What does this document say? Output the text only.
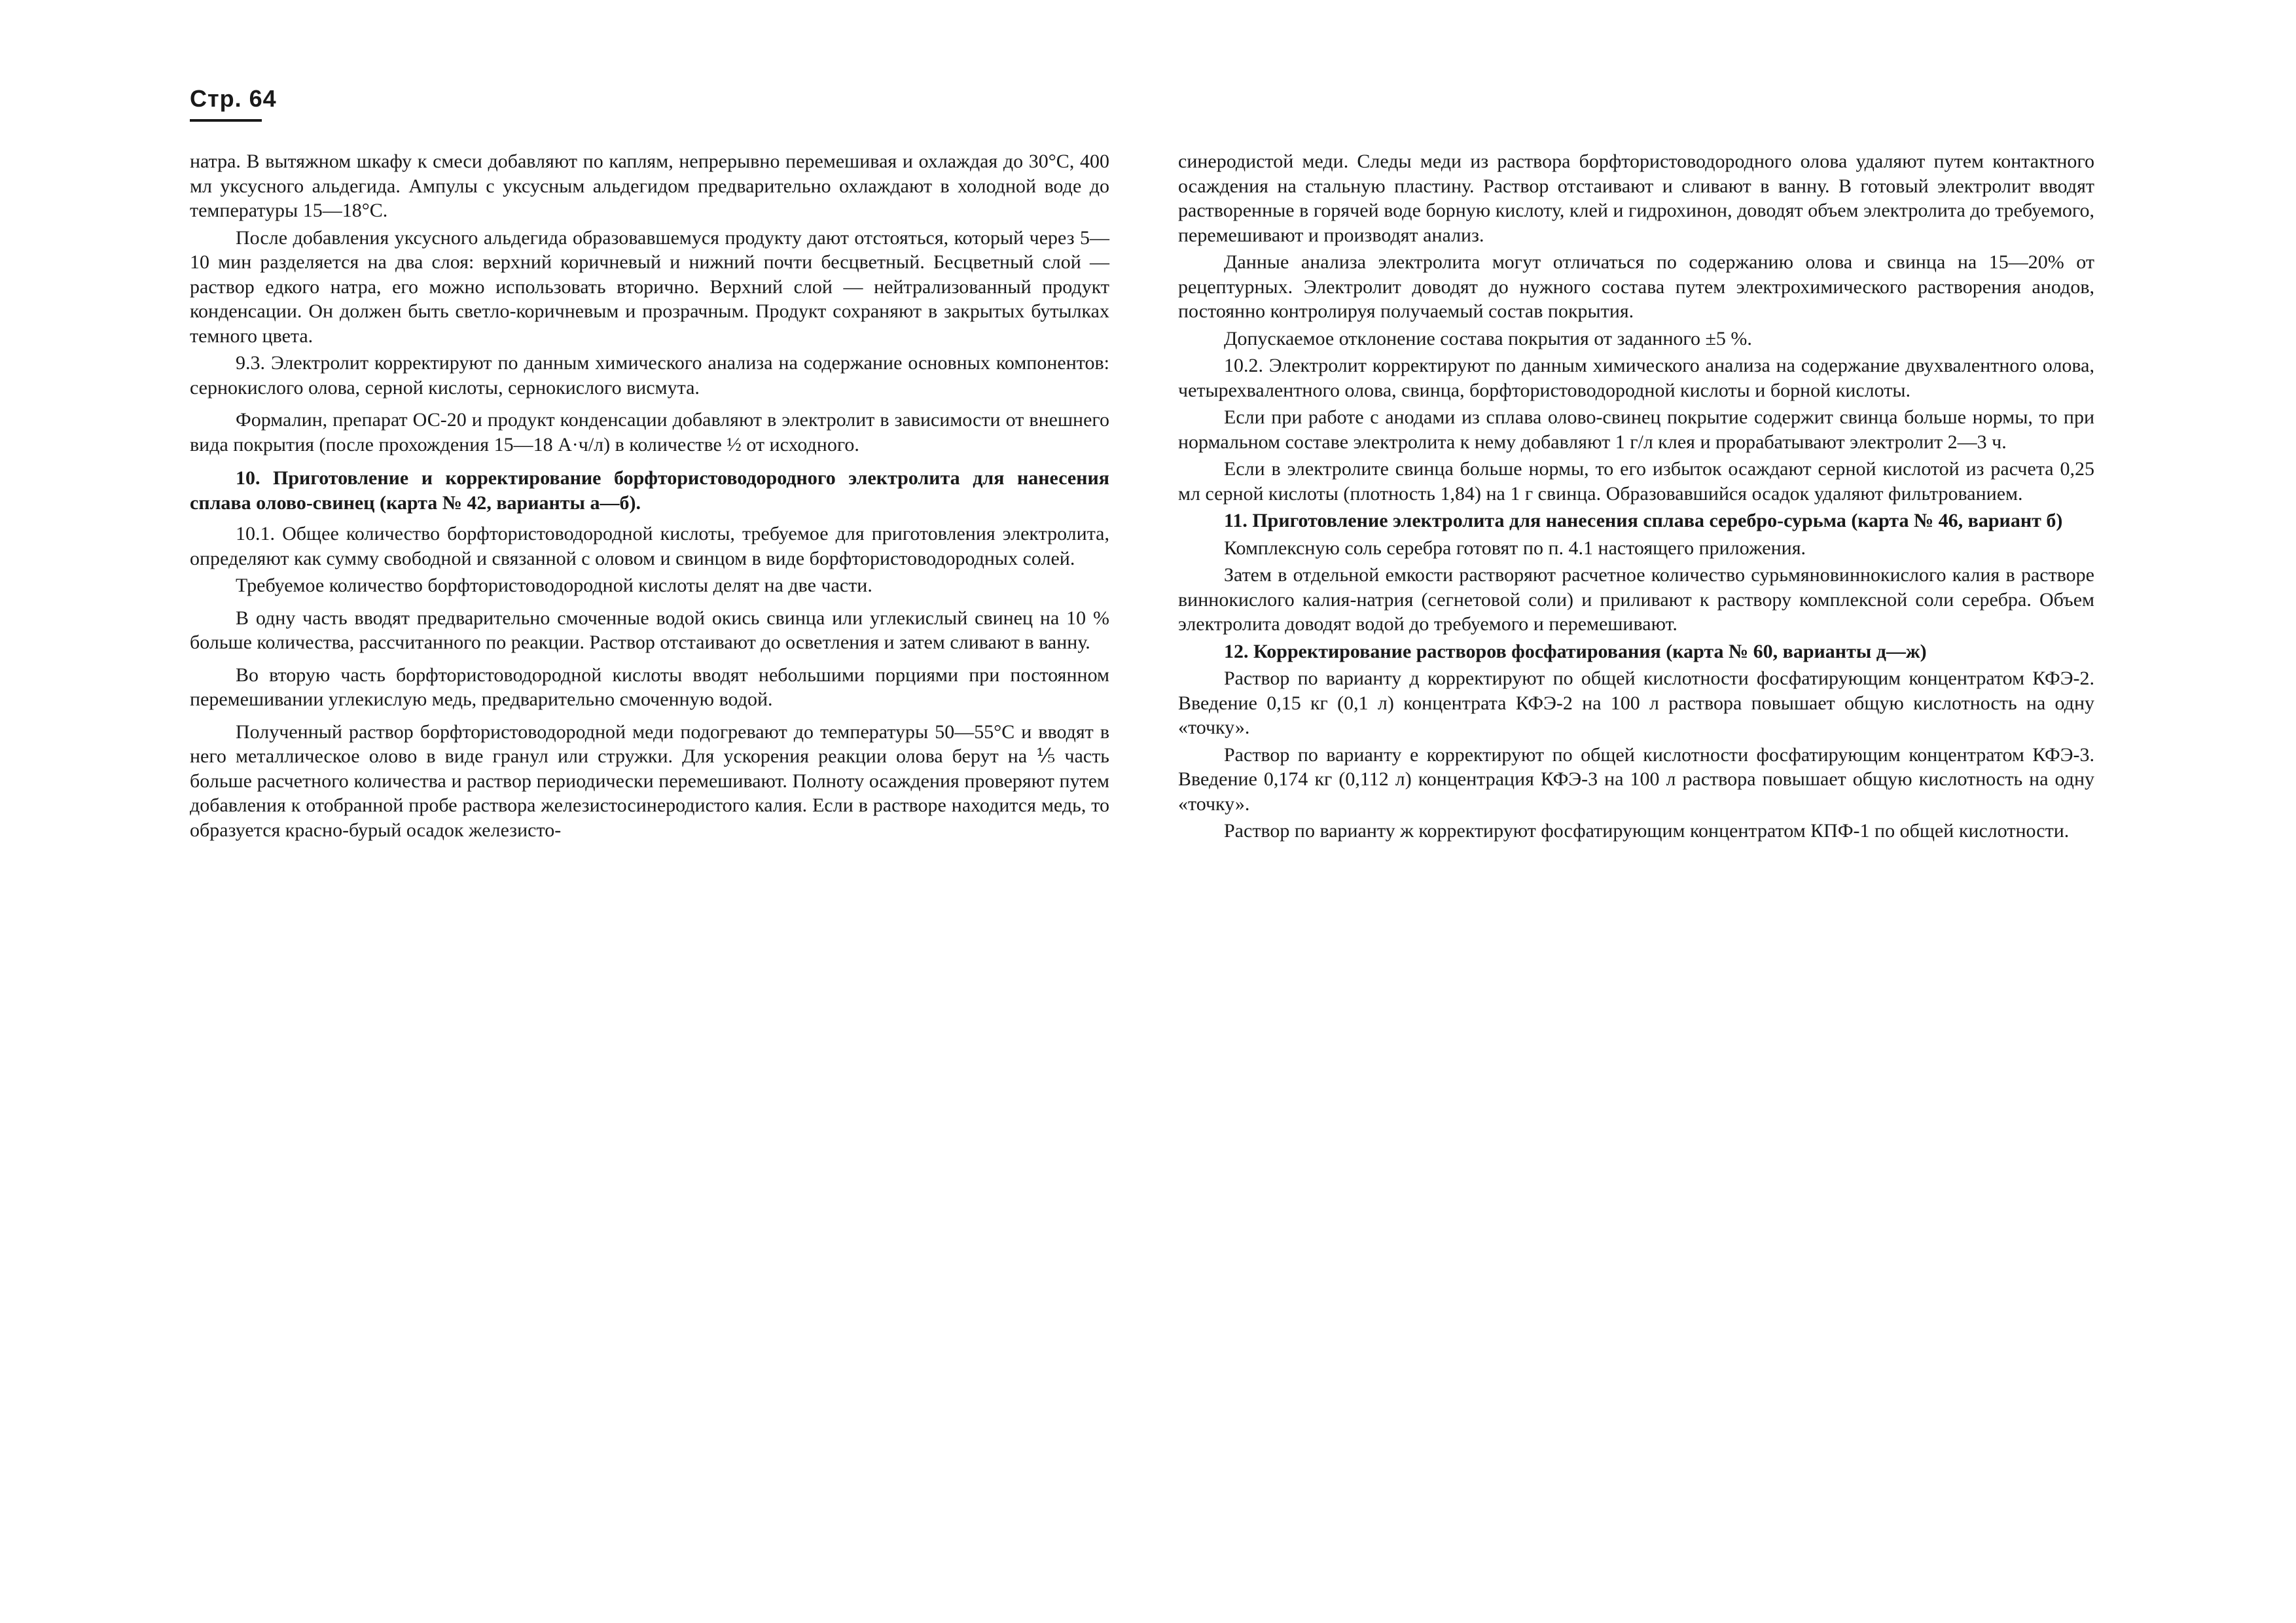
Стр. 64

натра. В вытяжном шкафу к смеси добавляют по каплям, непрерывно перемешивая и охлаждая до 30°С, 400 мл уксусного альдегида. Ампулы с уксусным альдегидом предварительно охлаждают в холодной воде до температуры 15—18°С.

После добавления уксусного альдегида образовавшемуся продукту дают отстояться, который через 5—10 мин разделяется на два слоя: верхний коричневый и нижний почти бесцветный. Бесцветный слой — раствор едкого натра, его можно использовать вторично. Верхний слой — нейтрализованный продукт конденсации. Он должен быть светло-коричневым и прозрачным. Продукт сохраняют в закрытых бутылках темного цвета.

9.3. Электролит корректируют по данным химического анализа на содержание основных компонентов: сернокислого олова, серной кислоты, сернокислого висмута.

Формалин, препарат ОС-20 и продукт конденсации добавляют в электролит в зависимости от внешнего вида покрытия (после прохождения 15—18 А·ч/л) в количестве ½ от исходного.

10. Приготовление и корректирование борфтористоводородного электролита для нанесения сплава олово-свинец (карта № 42, варианты а—б).

10.1. Общее количество борфтористоводородной кислоты, требуемое для приготовления электролита, определяют как сумму свободной и связанной с оловом и свинцом в виде борфтористоводородных солей.

Требуемое количество борфтористоводородной кислоты делят на две части.

В одну часть вводят предварительно смоченные водой окись свинца или углекислый свинец на 10 % больше количества, рассчитанного по реакции. Раствор отстаивают до осветления и затем сливают в ванну.

Во вторую часть борфтористоводородной кислоты вводят небольшими порциями при постоянном перемешивании углекислую медь, предварительно смоченную водой.

Полученный раствор борфтористоводородной меди подогревают до температуры 50—55°С и вводят в него металлическое олово в виде гранул или стружки. Для ускорения реакции олова берут на ⅕ часть больше расчетного количества и раствор периодически перемешивают. Полноту осаждения проверяют путем добавления к отобранной пробе раствора железистосинеродистого калия. Если в растворе находится медь, то образуется красно-бурый осадок железисто-

синеродистой меди. Следы меди из раствора борфтористоводородного олова удаляют путем контактного осаждения на стальную пластину. Раствор отстаивают и сливают в ванну. В готовый электролит вводят растворенные в горячей воде борную кислоту, клей и гидрохинон, доводят объем электролита до требуемого, перемешивают и производят анализ.

Данные анализа электролита могут отличаться по содержанию олова и свинца на 15—20% от рецептурных. Электролит доводят до нужного состава путем электрохимического растворения анодов, постоянно контролируя получаемый состав покрытия.

Допускаемое отклонение состава покрытия от заданного ±5 %.

10.2. Электролит корректируют по данным химического анализа на содержание двухвалентного олова, четырехвалентного олова, свинца, борфтористоводородной кислоты и борной кислоты.

Если при работе с анодами из сплава олово-свинец покрытие содержит свинца больше нормы, то при нормальном составе электролита к нему добавляют 1 г/л клея и прорабатывают электролит 2—3 ч.

Если в электролите свинца больше нормы, то его избыток осаждают серной кислотой из расчета 0,25 мл серной кислоты (плотность 1,84) на 1 г свинца. Образовавшийся осадок удаляют фильтрованием.

11. Приготовление электролита для нанесения сплава серебро-сурьма (карта № 46, вариант б)

Комплексную соль серебра готовят по п. 4.1 настоящего приложения.

Затем в отдельной емкости растворяют расчетное количество сурьмяновиннокислого калия в растворе виннокислого калия-натрия (сегнетовой соли) и приливают к раствору комплексной соли серебра. Объем электролита доводят водой до требуемого и перемешивают.

12. Корректирование растворов фосфатирования (карта № 60, варианты д—ж)

Раствор по варианту д корректируют по общей кислотности фосфатирующим концентратом КФЭ-2. Введение 0,15 кг (0,1 л) концентрата КФЭ-2 на 100 л раствора повышает общую кислотность на одну «точку».

Раствор по варианту е корректируют по общей кислотности фосфатирующим концентратом КФЭ-3. Введение 0,174 кг (0,112 л) концентрация КФЭ-3 на 100 л раствора повышает общую кислотность на одну «точку».

Раствор по варианту ж корректируют фосфатирующим концентратом КПФ-1 по общей кислотности.
